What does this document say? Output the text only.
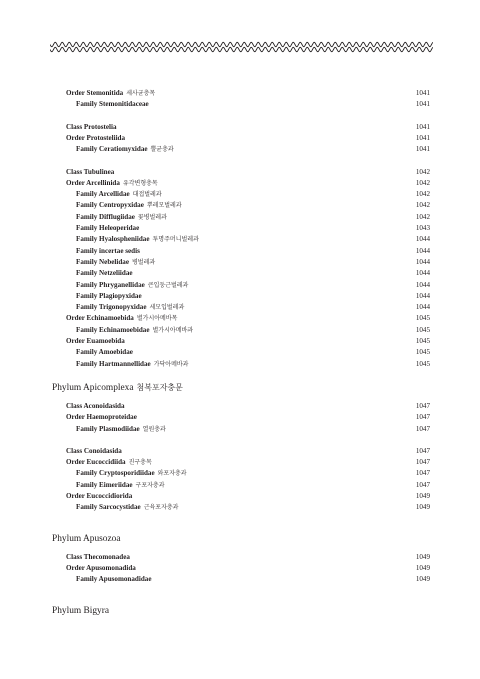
Order Stemonitida 세사균충목	1041
Family Stemonitidaceae	1041
Class Protostelia	1041
Order Protosteliida	1041
Family Ceratiomyxidae 뿔균충과	1041
Class Tubulinea	1042
Order Arcellinida 유각변형충목	1042
Family Arcellidae 대접벌레과	1042
Family Centropyxidae 뿌레모벌레과	1042
Family Difflugiidae 꽃병벌레과	1042
Family Heleoperidae	1043
Family Hyalospheniidae 투명주머니벌레과	1044
Family incertae sedis	1044
Family Nebelidae 병벌레과	1044
Family Netzeliidae	1044
Family Phryganellidae 큰입둥근벌레과	1044
Family Plagiopyxidae	1044
Family Trigonopyxidae 세모입벌레과	1044
Order Echinamoebida 별가시아메바목	1045
Family Echinamoebidae 별가시아메바과	1045
Order Euamoebida	1045
Family Amoebidae	1045
Family Hartmannellidae 가닥아메바과	1045
Phylum Apicomplexa 첨복포자충문
Class Aconoidasida	1047
Order Haemoproteidae	1047
Family Plasmodiidae 열원충과	1047
Class Conoidasida	1047
Order Eucoccidiida 진구충목	1047
Family Cryptosporidiidae 와포자충과	1047
Family Eimeriidae 구포자충과	1047
Order Eucoccidiorida	1049
Family Sarcocystidae 근육포자충과	1049
Phylum Apusozoa
Class Thecomonadea	1049
Order Apusomonadida	1049
Family Apusomonadidae	1049
Phylum Bigyra
